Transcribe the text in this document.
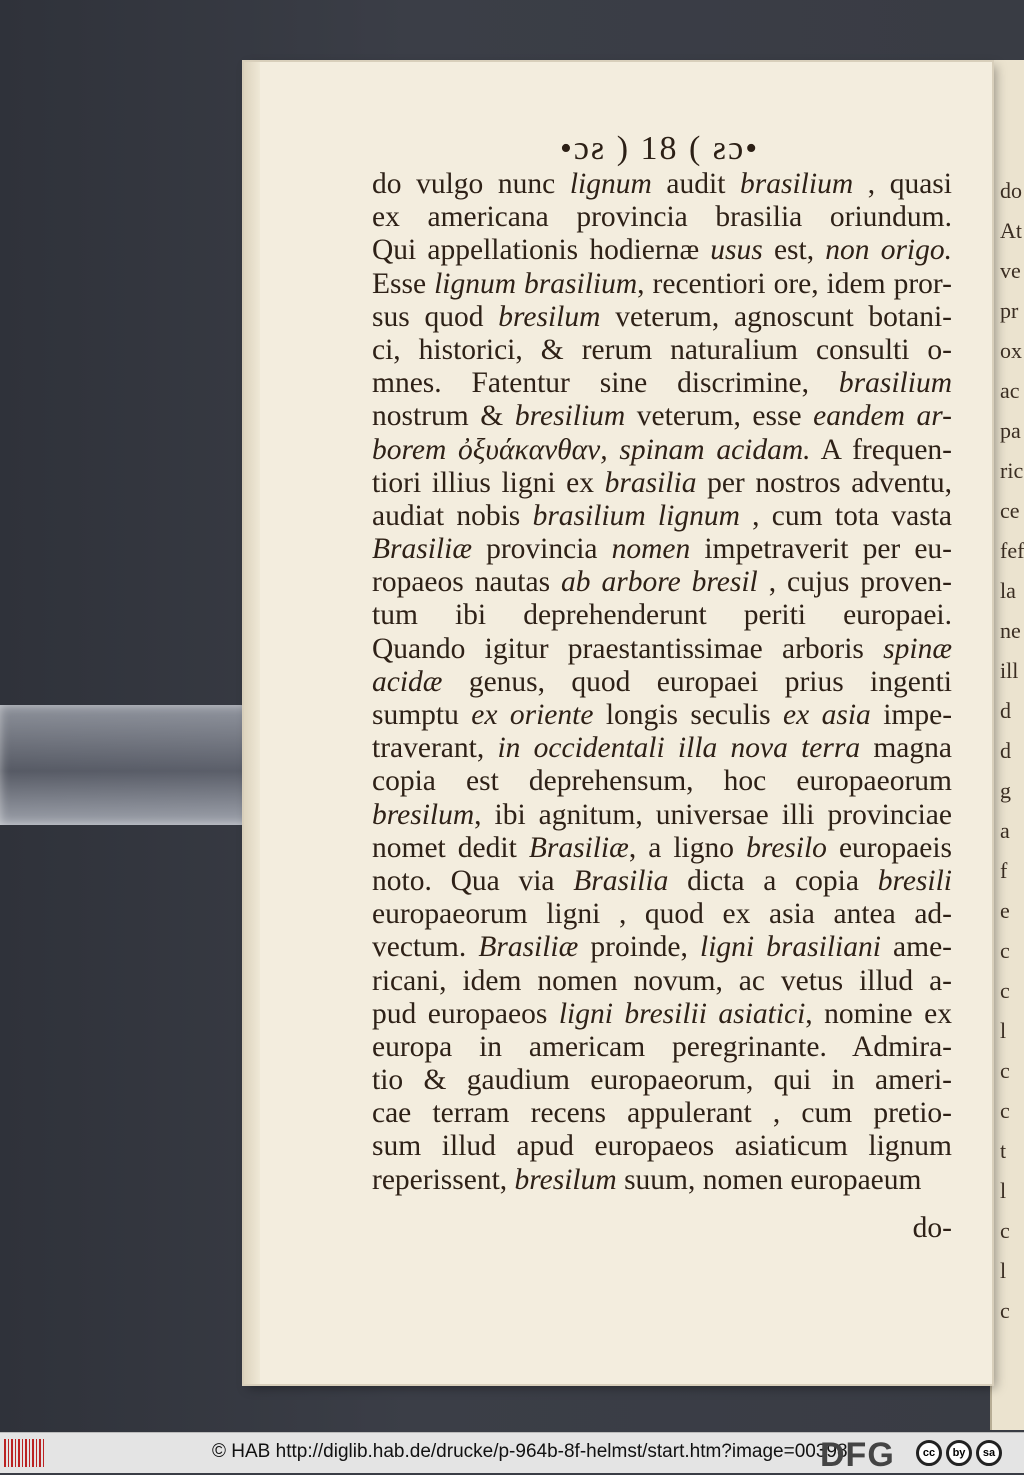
do
At
ve
pr
ox
ac
pa
ric
ce
fef
la
ne
ill
d
d
g
a
f
e
c
c
l
c
c
t
l
c
l
c
•ɔƨ ) 18 ( ƨɔ•
do vulgo nunc lignum audit brasilium , quasi
ex americana provincia brasilia oriundum.
Qui appellationis hodiernæ usus est, non origo.
Esse lignum brasilium, recentiori ore, idem pror-
sus quod bresilum veterum, agnoscunt botani-
ci, historici, & rerum naturalium consulti o-
mnes. Fatentur sine discrimine, brasilium
nostrum & bresilium veterum, esse eandem ar-
borem ὀξυάκανθαν, spinam acidam. A frequen-
tiori illius ligni ex brasilia per nostros adventu,
audiat nobis brasilium lignum , cum tota vasta
Brasiliæ provincia nomen impetraverit per eu-
ropaeos nautas ab arbore bresil , cujus proven-
tum ibi deprehenderunt periti europaei.
Quando igitur praestantissimae arboris spinæ
acidæ genus, quod europaei prius ingenti
sumptu ex oriente longis seculis ex asia impe-
traverant, in occidentali illa nova terra magna
copia est deprehensum, hoc europaeorum
bresilum, ibi agnitum, universae illi provinciae
nomet dedit Brasiliæ, a ligno bresilo europaeis
noto. Qua via Brasilia dicta a copia bresili
europaeorum ligni , quod ex asia antea ad-
vectum. Brasiliæ proinde, ligni brasiliani ame-
ricani, idem nomen novum, ac vetus illud a-
pud europaeos ligni bresilii asiatici, nomine ex
europa in americam peregrinante. Admira-
tio & gaudium europaeorum, qui in ameri-
cae terram recens appulerant , cum pretio-
sum illud apud europaeos asiaticum lignum
reperissent, bresilum suum, nomen europaeum
do-
© HAB http://diglib.hab.de/drucke/p-964b-8f-helmst/start.htm?image=00398
DFG	cc	by	sa
